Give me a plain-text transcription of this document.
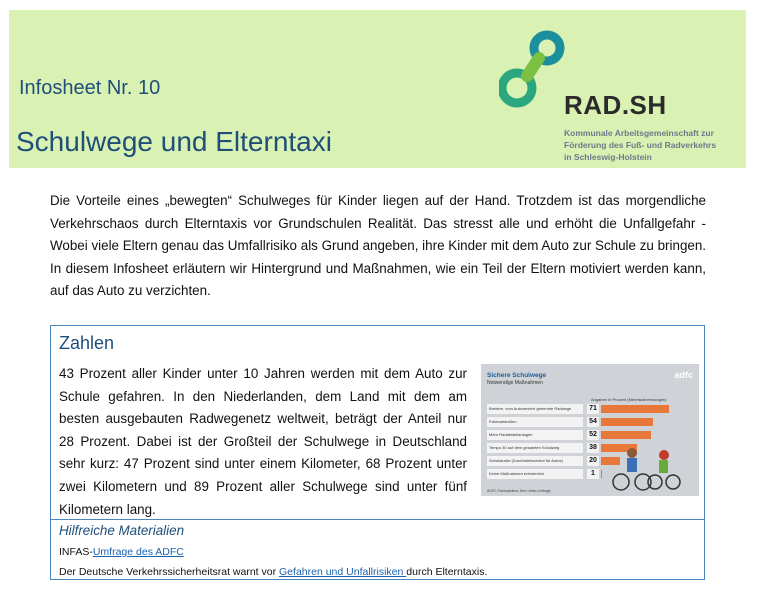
Infosheet Nr. 10
Schulwege und Elterntaxi
RAD.SH
Kommunale Arbeitsgemeinschaft zur
Förderung des Fuß- und Radverkehrs
in Schleswig-Holstein
Die Vorteile eines „bewegten“ Schulweges für Kinder liegen auf der Hand. Trotzdem ist das morgendliche Verkehrschaos durch Elterntaxis vor Grundschulen Realität. Das stresst alle und erhöht die Unfallgefahr - Wobei viele Eltern genau das Umfallrisiko als Grund angeben, ihre Kinder mit dem Auto zur Schule zu bringen. In diesem Infosheet erläutern wir Hintergrund und Maßnahmen, wie ein Teil der Eltern motiviert werden kann, auf das Auto zu verzichten.
Zahlen
43 Prozent aller Kinder unter 10 Jahren werden mit dem Auto zur Schule gefahren. In den Niederlanden, dem Land mit dem am besten ausgebauten Radwegenetz weltweit, beträgt der Anteil nur 28 Prozent. Dabei ist der Großteil der Schulwege in Deutschland sehr kurz: 47 Prozent sind unter einem Kilometer, 68 Prozent unter zwei Kilometern und 89 Prozent aller Schulwege sind unter fünf Kilometern lang.
Sichere Schulwege
Notwendige Maßnahmen
adfc
Angaben in Prozent (Mehrfachnennungen)
Breitere, vom Autoverkehr getrennte Radwege	71
Fahrradstraßen	54
Mehr Radabstellanlagen	52
Tempo 30 auf dem gesamten Schulweg	38
Schulstraße (Durchfahrtsverbot für Autos)	20
Keine Maßnahmen erforderlich	1
ADFC-Fahrradklima-Test / infas-Umfrage
Hilfreiche Materialien
INFAS-Umfrage des ADFC
Der Deutsche Verkehrssicherheitsrat warnt vor Gefahren und Unfallrisiken durch Elterntaxis.
